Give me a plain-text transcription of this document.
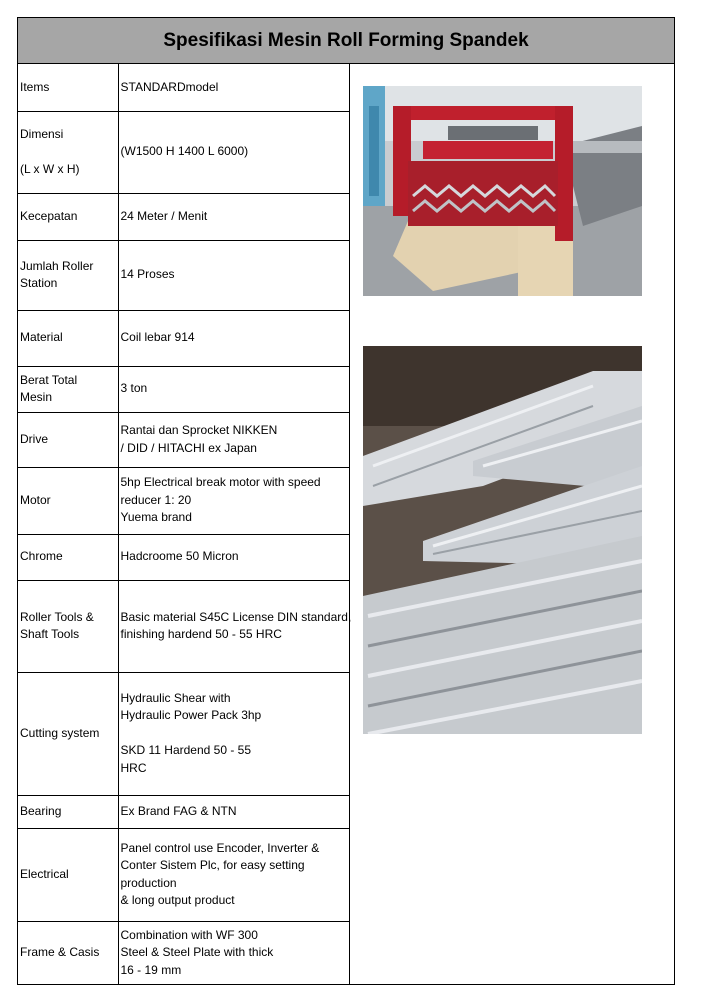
Spesifikasi Mesin Roll Forming Spandek
Items	STANDARDmodel

Dimensi
(L x W x H)	(W1500 H 1400 L 6000)
Kecepatan	24 Meter / Menit

Jumlah Roller
Station	14 Proses
Material	Coil lebar 914

Berat Total
Mesin	3 ton
Drive	Rantai dan Sprocket NIKKEN
/ DID / HITACHI ex Japan

Motor	5hp Electrical break motor with speed
reducer 1: 20
Yuema brand

Chrome	Hadcroome 50 Micron

Roller Tools &
Shaft Tools	Basic material S45C License DIN standard,
finishing hardend 50 - 55 HRC

Cutting system	Hydraulic Shear with
Hydraulic Power Pack 3hp
SKD 11 Hardend 50 - 55
HRC

Bearing	Ex Brand FAG & NTN
Electrical	Panel control use Encoder, Inverter &
Conter Sistem Plc, for easy setting
production
& long output product

Frame & Casis	Combination with WF 300
Steel & Steel Plate with thick
16 - 19 mm
